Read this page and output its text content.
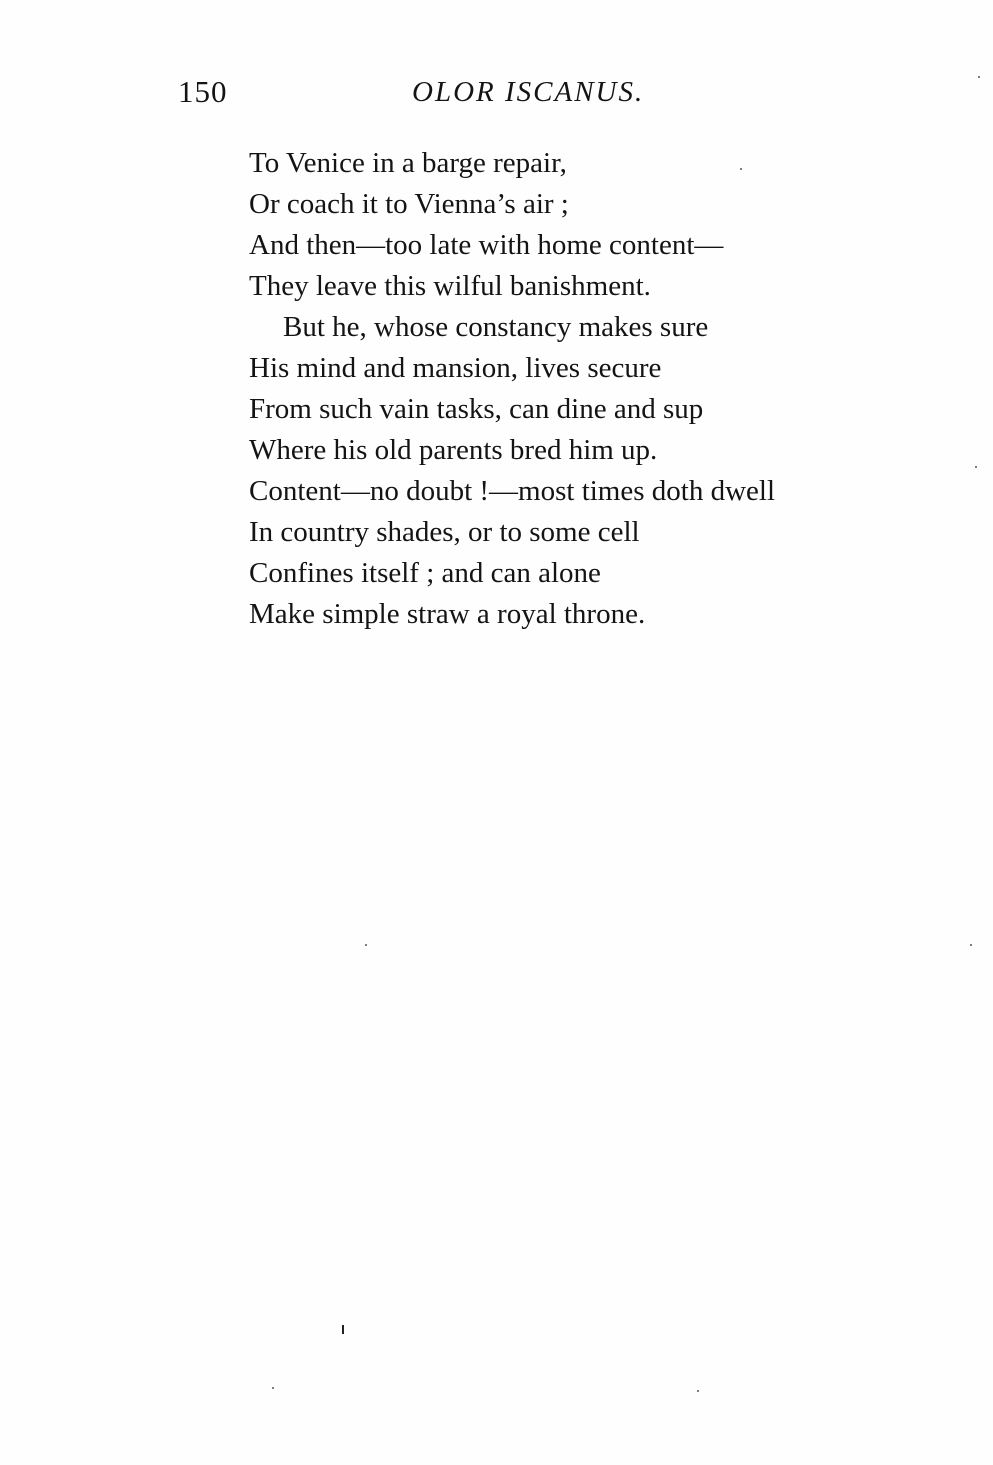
150	OLOR ISCANUS.
To Venice in a barge repair,
Or coach it to Vienna’s air ;
And then—too late with home content—
They leave this wilful banishment.
But he, whose constancy makes sure
His mind and mansion, lives secure
From such vain tasks, can dine and sup
Where his old parents bred him up.
Content—no doubt !—most times doth dwell
In country shades, or to some cell
Confines itself ; and can alone
Make simple straw a royal throne.
